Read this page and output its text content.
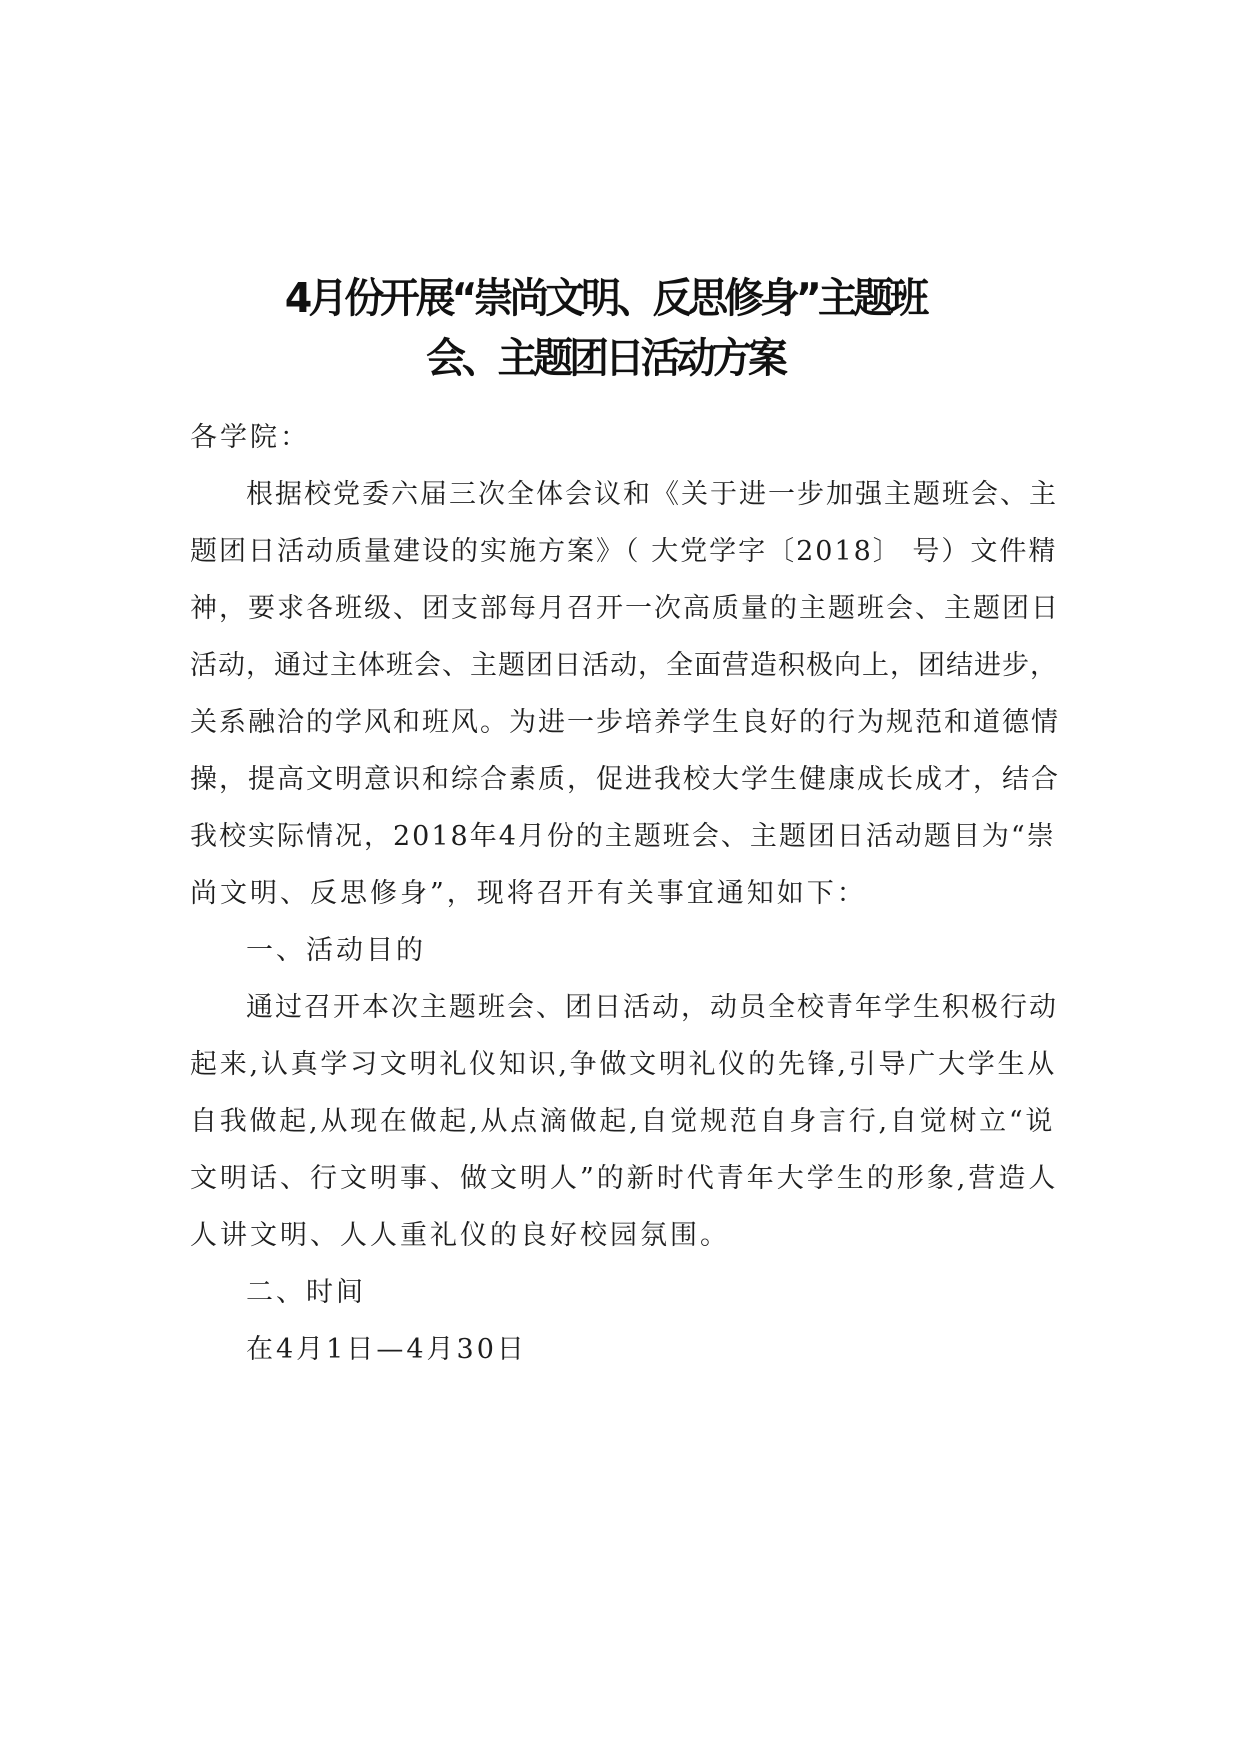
4月份开展“崇尚文明、反思修身”主题班
会、主题团日活动方案
各学院：
根据校党委六届三次全体会议和《关于进一步加强主题班会、主
题团日活动质量建设的实施方案》（ 大党学字〔2018〕 号）文件精
神，要求各班级、团支部每月召开一次高质量的主题班会、主题团日
活动，通过主体班会、主题团日活动，全面营造积极向上，团结进步，
关系融洽的学风和班风。为进一步培养学生良好的行为规范和道德情
操，提高文明意识和综合素质，促进我校大学生健康成长成才，结合
我校实际情况，2018年4月份的主题班会、主题团日活动题目为“崇
尚文明、反思修身”，现将召开有关事宜通知如下：
一、活动目的
通过召开本次主题班会、团日活动，动员全校青年学生积极行动
起来,认真学习文明礼仪知识,争做文明礼仪的先锋,引导广大学生从
自我做起,从现在做起,从点滴做起,自觉规范自身言行,自觉树立“说
文明话、行文明事、做文明人”的新时代青年大学生的形象,营造人
人讲文明、人人重礼仪的良好校园氛围。
二、时间
在4月1日—4月30日
